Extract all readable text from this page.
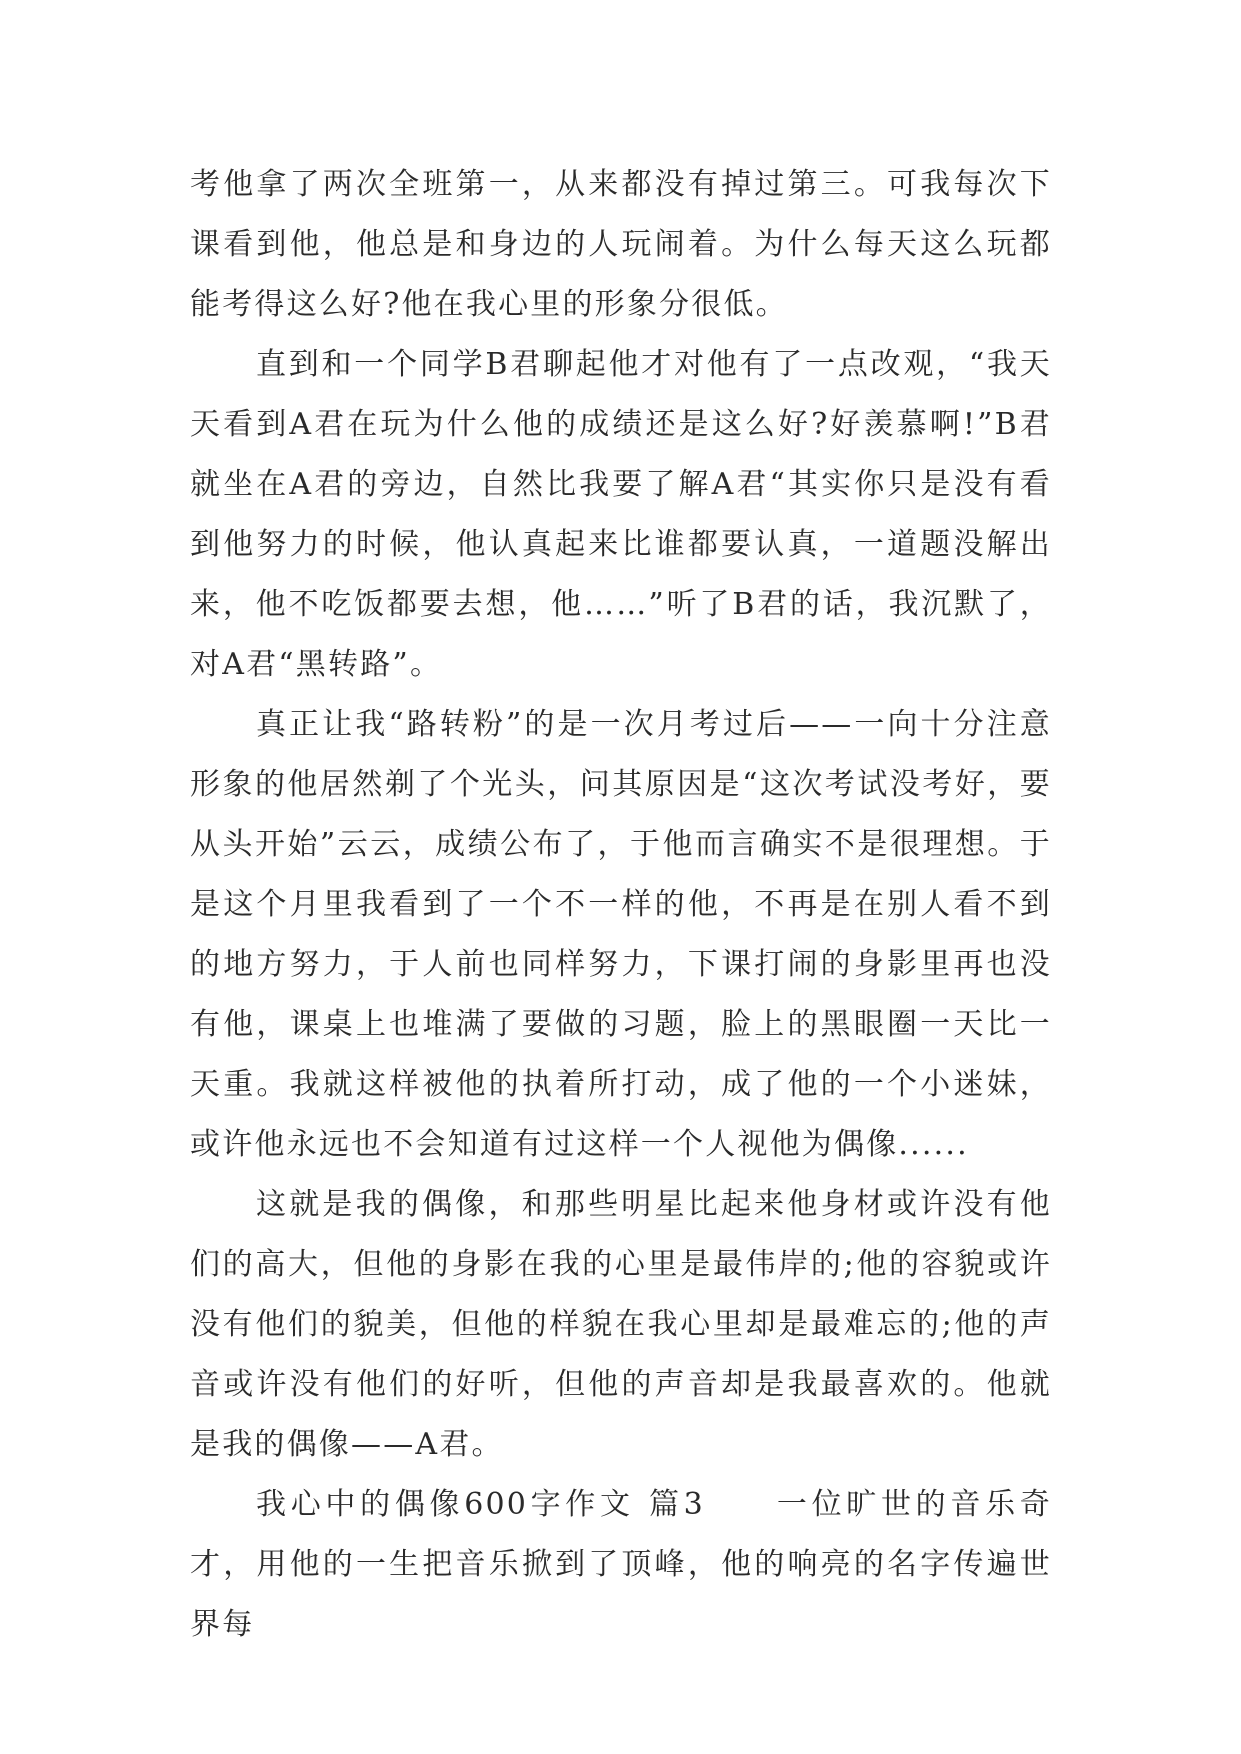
考他拿了两次全班第一，从来都没有掉过第三。可我每次下课看到他，他总是和身边的人玩闹着。为什么每天这么玩都能考得这么好?他在我心里的形象分很低。

直到和一个同学B君聊起他才对他有了一点改观，“我天天看到A君在玩为什么他的成绩还是这么好?好羡慕啊!”B君就坐在A君的旁边，自然比我要了解A君“其实你只是没有看到他努力的时候，他认真起来比谁都要认真，一道题没解出来，他不吃饭都要去想，他……”听了B君的话，我沉默了，对A君“黑转路”。

真正让我“路转粉”的是一次月考过后——一向十分注意形象的他居然剃了个光头，问其原因是“这次考试没考好，要从头开始”云云，成绩公布了，于他而言确实不是很理想。于是这个月里我看到了一个不一样的他，不再是在别人看不到的地方努力，于人前也同样努力，下课打闹的身影里再也没有他，课桌上也堆满了要做的习题，脸上的黑眼圈一天比一天重。我就这样被他的执着所打动，成了他的一个小迷妹，或许他永远也不会知道有过这样一个人视他为偶像......

这就是我的偶像，和那些明星比起来他身材或许没有他们的高大，但他的身影在我的心里是最伟岸的;他的容貌或许没有他们的貌美，但他的样貌在我心里却是最难忘的;他的声音或许没有他们的好听，但他的声音却是我最喜欢的。他就是我的偶像——A君。

我心中的偶像600字作文 篇3　　一位旷世的音乐奇才，用他的一生把音乐掀到了顶峰，他的响亮的名字传遍世界每
